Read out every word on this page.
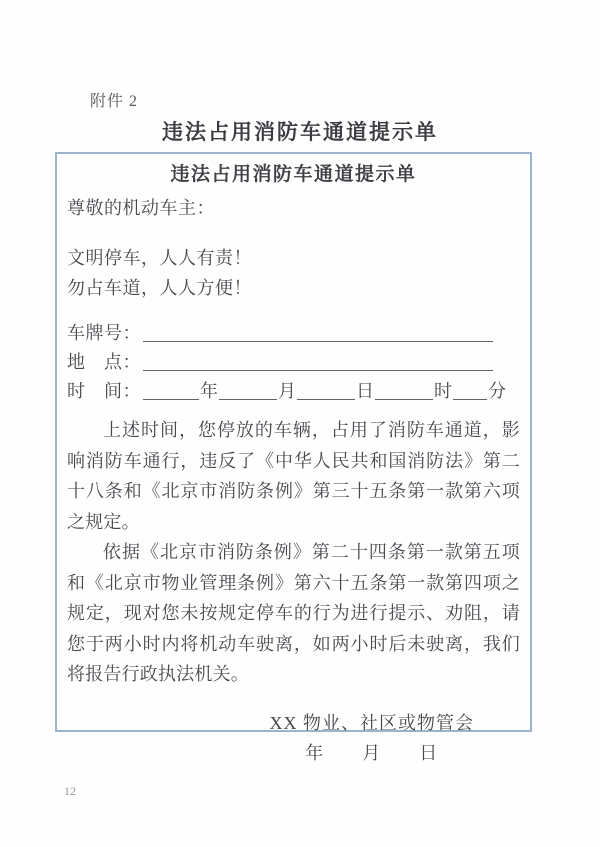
附件 2
违法占用消防车通道提示单
违法占用消防车通道提示单
尊敬的机动车主：
文明停车，人人有责！
勿占车道，人人方便！
车牌号：
地　点：
时　间：	年	月	日	时 分

上述时间，您停放的车辆，占用了消防车通道，影响消防车通行，违反了《中华人民共和国消防法》第二十八条和《北京市消防条例》第三十五条第一款第六项之规定。

依据《北京市消防条例》第二十四条第一款第五项和《北京市物业管理条例》第六十五条第一款第四项之规定，现对您未按规定停车的行为进行提示、劝阻，请您于两小时内将机动车驶离，如两小时后未驶离，我们将报告行政执法机关。

XX 物业、社区或物管会
年　　月　　日
12
